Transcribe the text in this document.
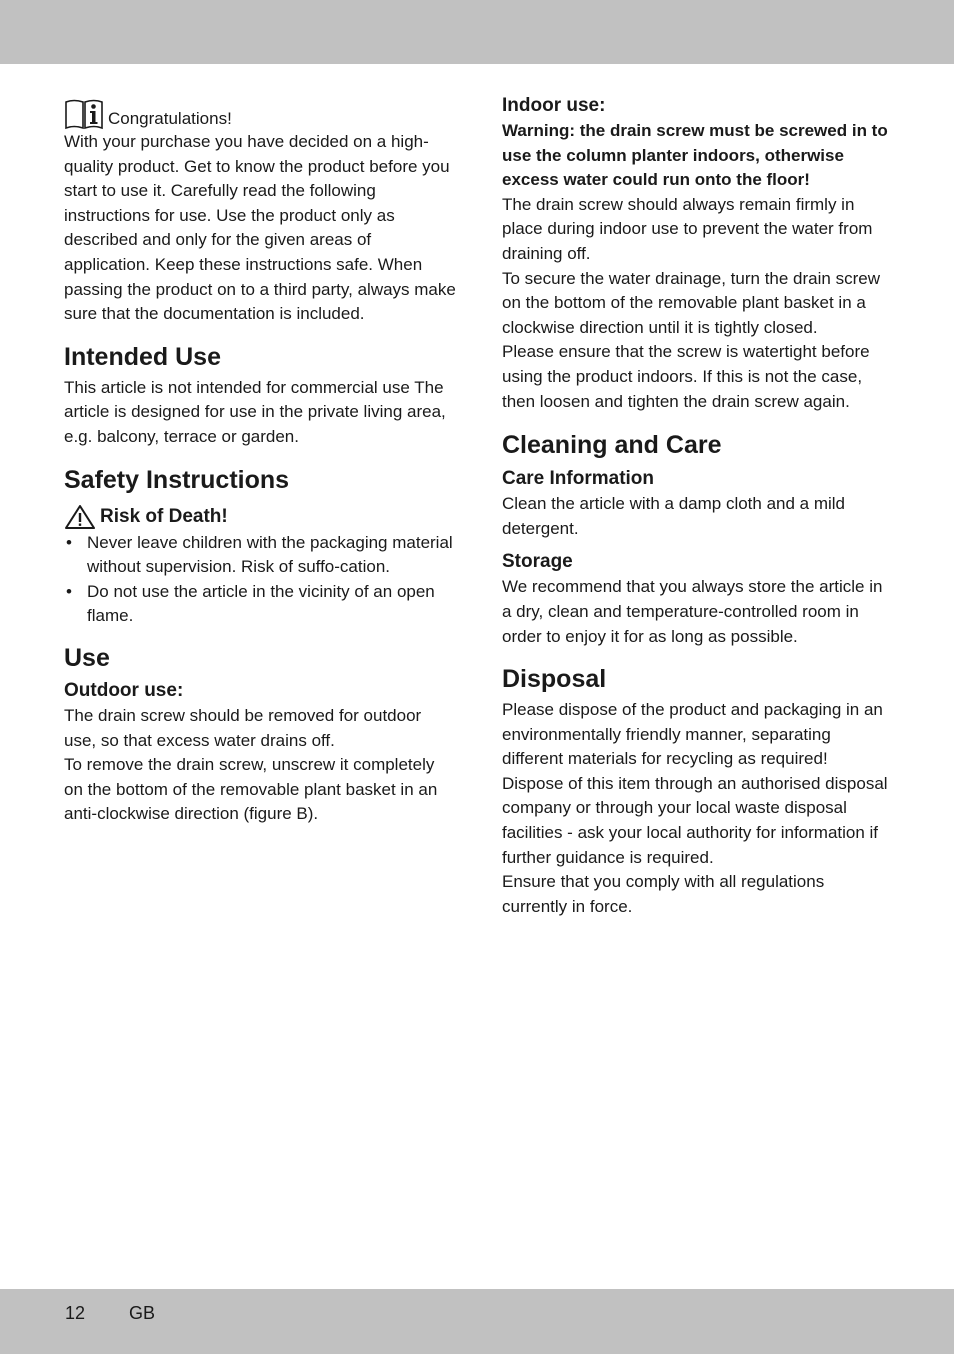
Congratulations!

With your purchase you have decided on a high-quality product. Get to know the product before you start to use it. Carefully read the following instructions for use. Use the product only as described and only for the given areas of application. Keep these instructions safe. When passing the product on to a third party, always make sure that the documentation is included.

Intended Use

This article is not intended for commercial use The article is designed for use in the private living area, e.g. balcony, terrace or garden.

Safety Instructions
Risk of Death!
• Never leave children with the packaging material without supervision. Risk of suffo-cation.
• Do not use the article in the vicinity of an open flame.
Use
Outdoor use:

The drain screw should be removed for outdoor use, so that excess water drains off.

To remove the drain screw, unscrew it completely on the bottom of the removable plant basket in an anti-clockwise direction (figure B).

Indoor use:
Warning: the drain screw must be screwed in to use the column planter indoors, otherwise excess water could run onto the floor!

The drain screw should always remain firmly in place during indoor use to prevent the water from draining off.

To secure the water drainage, turn the drain screw on the bottom of the removable plant basket in a clockwise direction until it is tightly closed.

Please ensure that the screw is watertight before using the product indoors. If this is not the case, then loosen and tighten the drain screw again.

Cleaning and Care
Care Information

Clean the article with a damp cloth and a mild detergent.

Storage

We recommend that you always store the article in a dry, clean and temperature-controlled room in order to enjoy it for as long as possible.

Disposal

Please dispose of the product and packaging in an environmentally friendly manner, separating different materials for recycling as required!

Dispose of this item through an authorised disposal company or through your local waste disposal facilities - ask your local authority for information if further guidance is required.

Ensure that you comply with all regulations currently in force.

12 GB
